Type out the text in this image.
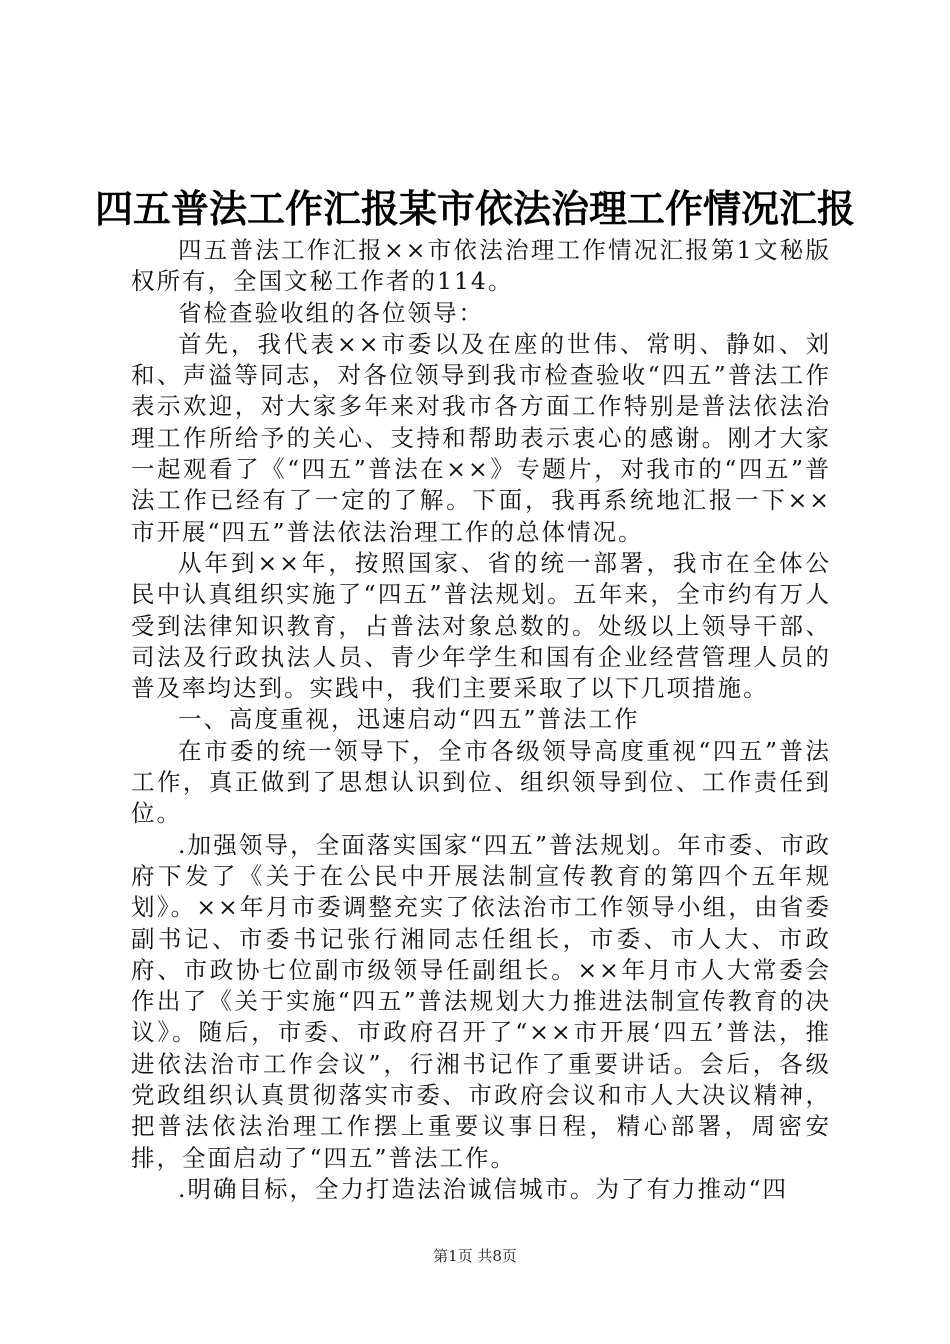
四五普法工作汇报某市依法治理工作情况汇报

四五普法工作汇报××市依法治理工作情况汇报第1文秘版权所有，全国文秘工作者的114。

省检查验收组的各位领导：

首先，我代表××市委以及在座的世伟、常明、静如、刘和、声溢等同志，对各位领导到我市检查验收“四五”普法工作表示欢迎，对大家多年来对我市各方面工作特别是普法依法治理工作所给予的关心、支持和帮助表示衷心的感谢。刚才大家一起观看了《“四五”普法在××》专题片，对我市的“四五”普法工作已经有了一定的了解。下面，我再系统地汇报一下××市开展“四五”普法依法治理工作的总体情况。

从年到××年，按照国家、省的统一部署，我市在全体公民中认真组织实施了“四五”普法规划。五年来，全市约有万人受到法律知识教育，占普法对象总数的。处级以上领导干部、司法及行政执法人员、青少年学生和国有企业经营管理人员的普及率均达到。实践中，我们主要采取了以下几项措施。

一、高度重视，迅速启动“四五”普法工作

在市委的统一领导下，全市各级领导高度重视“四五”普法工作，真正做到了思想认识到位、组织领导到位、工作责任到位。

.加强领导，全面落实国家“四五”普法规划。年市委、市政府下发了《关于在公民中开展法制宣传教育的第四个五年规划》。××年月市委调整充实了依法治市工作领导小组，由省委副书记、市委书记张行湘同志任组长，市委、市人大、市政府、市政协七位副市级领导任副组长。××年月市人大常委会作出了《关于实施“四五”普法规划大力推进法制宣传教育的决议》。随后，市委、市政府召开了“××市开展‘四五’普法，推进依法治市工作会议”，行湘书记作了重要讲话。会后，各级党政组织认真贯彻落实市委、市政府会议和市人大决议精神，把普法依法治理工作摆上重要议事日程，精心部署，周密安排，全面启动了“四五”普法工作。

.明确目标，全力打造法治诚信城市。为了有力推动“四

第1页 共8页
